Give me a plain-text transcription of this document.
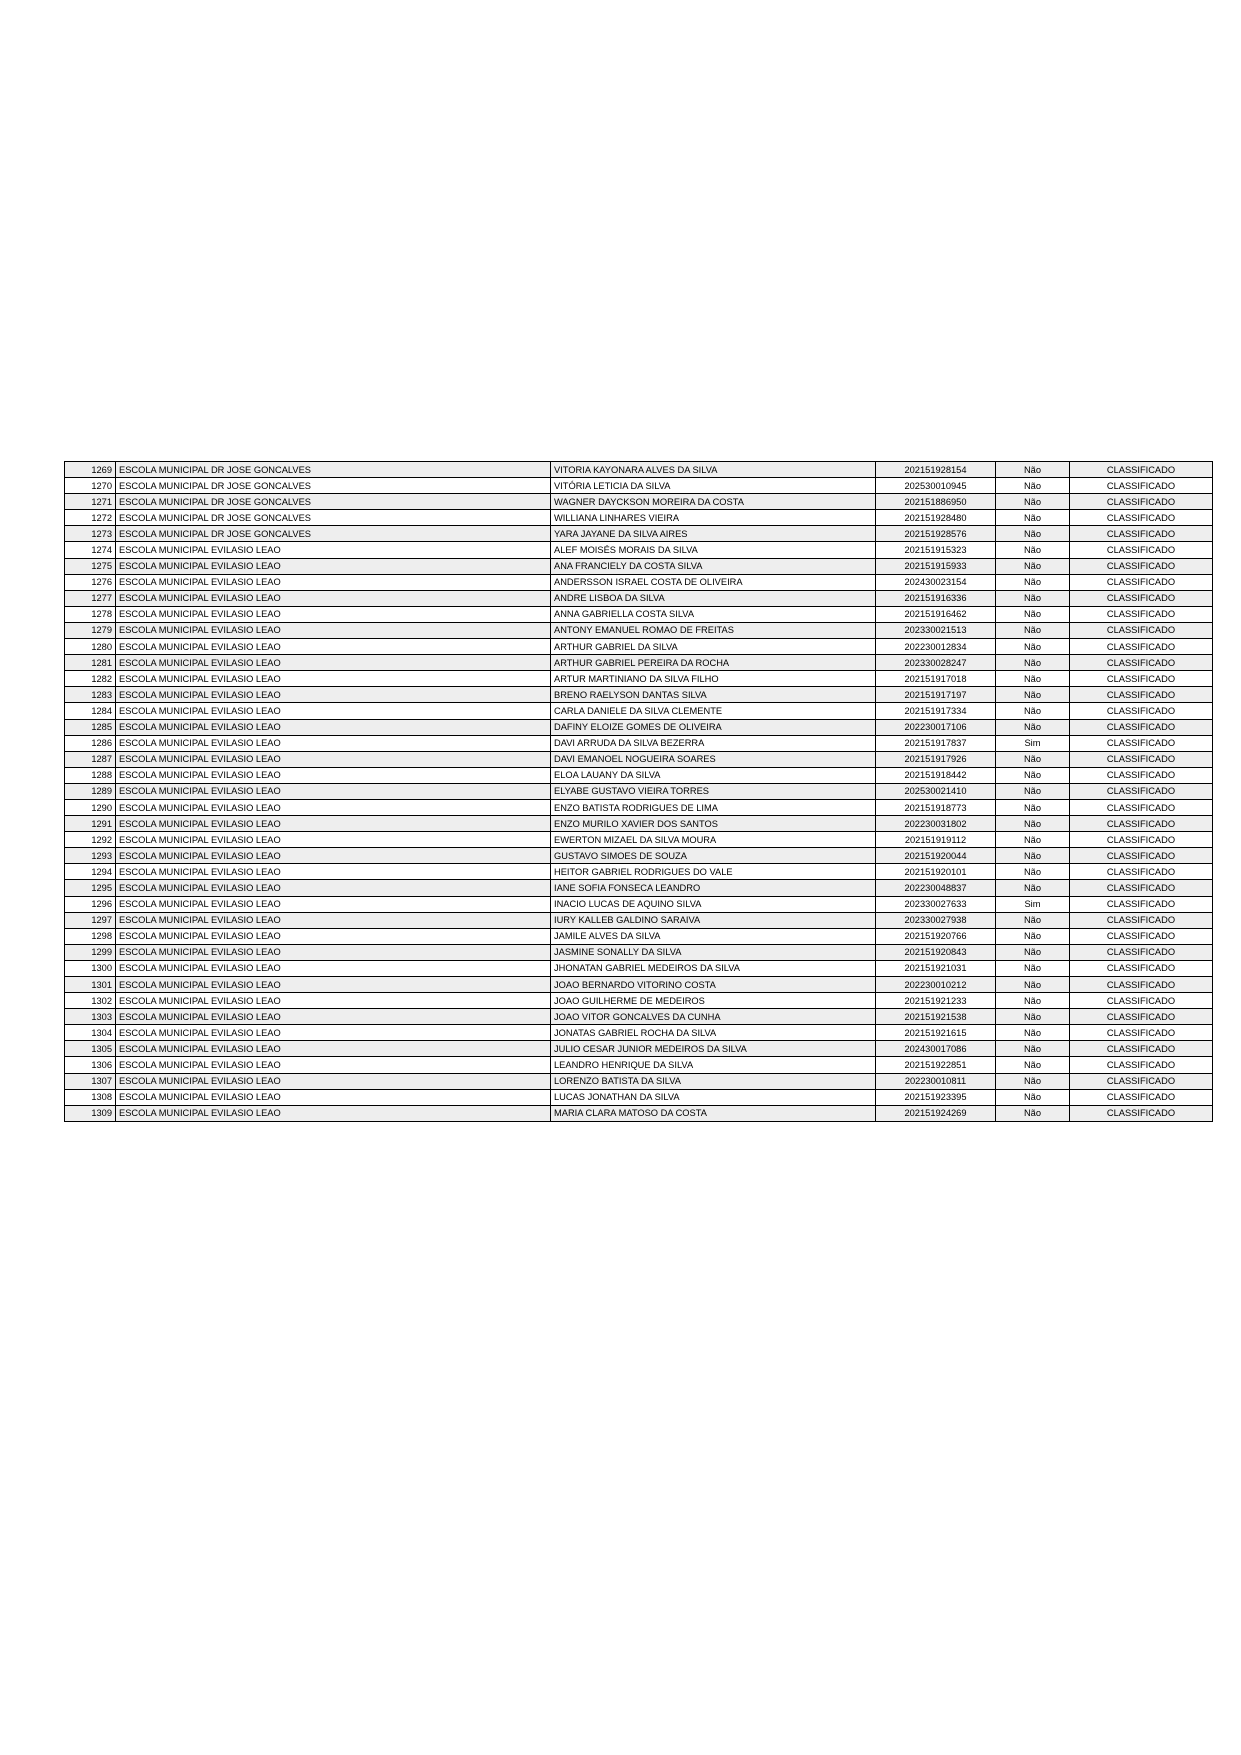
1269	ESCOLA MUNICIPAL DR JOSE GONCALVES	VITORIA KAYONARA ALVES DA SILVA	202151928154	Não	CLASSIFICADO
1270	ESCOLA MUNICIPAL DR JOSE GONCALVES	VITÓRIA LETICIA DA SILVA	202530010945	Não	CLASSIFICADO
1271	ESCOLA MUNICIPAL DR JOSE GONCALVES	WAGNER DAYCKSON MOREIRA DA COSTA	202151886950	Não	CLASSIFICADO
1272	ESCOLA MUNICIPAL DR JOSE GONCALVES	WILLIANA LINHARES VIEIRA	202151928480	Não	CLASSIFICADO
1273	ESCOLA MUNICIPAL DR JOSE GONCALVES	YARA JAYANE DA SILVA AIRES	202151928576	Não	CLASSIFICADO
1274	ESCOLA MUNICIPAL EVILASIO LEAO	ALEF MOISÉS MORAIS DA SILVA	202151915323	Não	CLASSIFICADO
1275	ESCOLA MUNICIPAL EVILASIO LEAO	ANA FRANCIELY DA COSTA SILVA	202151915933	Não	CLASSIFICADO
1276	ESCOLA MUNICIPAL EVILASIO LEAO	ANDERSSON ISRAEL COSTA DE OLIVEIRA	202430023154	Não	CLASSIFICADO
1277	ESCOLA MUNICIPAL EVILASIO LEAO	ANDRE LISBOA DA SILVA	202151916336	Não	CLASSIFICADO
1278	ESCOLA MUNICIPAL EVILASIO LEAO	ANNA GABRIELLA COSTA SILVA	202151916462	Não	CLASSIFICADO
1279	ESCOLA MUNICIPAL EVILASIO LEAO	ANTONY EMANUEL ROMAO DE FREITAS	202330021513	Não	CLASSIFICADO
1280	ESCOLA MUNICIPAL EVILASIO LEAO	ARTHUR GABRIEL DA SILVA	202230012834	Não	CLASSIFICADO
1281	ESCOLA MUNICIPAL EVILASIO LEAO	ARTHUR GABRIEL PEREIRA DA ROCHA	202330028247	Não	CLASSIFICADO
1282	ESCOLA MUNICIPAL EVILASIO LEAO	ARTUR MARTINIANO DA SILVA FILHO	202151917018	Não	CLASSIFICADO
1283	ESCOLA MUNICIPAL EVILASIO LEAO	BRENO RAELYSON DANTAS SILVA	202151917197	Não	CLASSIFICADO
1284	ESCOLA MUNICIPAL EVILASIO LEAO	CARLA DANIELE DA SILVA CLEMENTE	202151917334	Não	CLASSIFICADO
1285	ESCOLA MUNICIPAL EVILASIO LEAO	DAFINY ELOIZE GOMES DE OLIVEIRA	202230017106	Não	CLASSIFICADO
1286	ESCOLA MUNICIPAL EVILASIO LEAO	DAVI ARRUDA DA SILVA BEZERRA	202151917837	Sim	CLASSIFICADO
1287	ESCOLA MUNICIPAL EVILASIO LEAO	DAVI EMANOEL NOGUEIRA SOARES	202151917926	Não	CLASSIFICADO
1288	ESCOLA MUNICIPAL EVILASIO LEAO	ELOA LAUANY DA SILVA	202151918442	Não	CLASSIFICADO
1289	ESCOLA MUNICIPAL EVILASIO LEAO	ELYABE GUSTAVO VIEIRA TORRES	202530021410	Não	CLASSIFICADO
1290	ESCOLA MUNICIPAL EVILASIO LEAO	ENZO BATISTA RODRIGUES DE LIMA	202151918773	Não	CLASSIFICADO
1291	ESCOLA MUNICIPAL EVILASIO LEAO	ENZO MURILO XAVIER DOS SANTOS	202230031802	Não	CLASSIFICADO
1292	ESCOLA MUNICIPAL EVILASIO LEAO	EWERTON MIZAEL DA SILVA MOURA	202151919112	Não	CLASSIFICADO
1293	ESCOLA MUNICIPAL EVILASIO LEAO	GUSTAVO SIMOES DE SOUZA	202151920044	Não	CLASSIFICADO
1294	ESCOLA MUNICIPAL EVILASIO LEAO	HEITOR GABRIEL RODRIGUES DO VALE	202151920101	Não	CLASSIFICADO
1295	ESCOLA MUNICIPAL EVILASIO LEAO	IANE SOFIA FONSECA LEANDRO	202230048837	Não	CLASSIFICADO
1296	ESCOLA MUNICIPAL EVILASIO LEAO	INACIO LUCAS DE AQUINO SILVA	202330027633	Sim	CLASSIFICADO
1297	ESCOLA MUNICIPAL EVILASIO LEAO	IURY KALLEB GALDINO SARAIVA	202330027938	Não	CLASSIFICADO
1298	ESCOLA MUNICIPAL EVILASIO LEAO	JAMILE ALVES DA SILVA	202151920766	Não	CLASSIFICADO
1299	ESCOLA MUNICIPAL EVILASIO LEAO	JASMINE SONALLY DA SILVA	202151920843	Não	CLASSIFICADO
1300	ESCOLA MUNICIPAL EVILASIO LEAO	JHONATAN GABRIEL MEDEIROS DA SILVA	202151921031	Não	CLASSIFICADO
1301	ESCOLA MUNICIPAL EVILASIO LEAO	JOAO BERNARDO VITORINO COSTA	202230010212	Não	CLASSIFICADO
1302	ESCOLA MUNICIPAL EVILASIO LEAO	JOAO GUILHERME DE MEDEIROS	202151921233	Não	CLASSIFICADO
1303	ESCOLA MUNICIPAL EVILASIO LEAO	JOAO VITOR GONCALVES DA CUNHA	202151921538	Não	CLASSIFICADO
1304	ESCOLA MUNICIPAL EVILASIO LEAO	JONATAS GABRIEL ROCHA DA SILVA	202151921615	Não	CLASSIFICADO
1305	ESCOLA MUNICIPAL EVILASIO LEAO	JULIO CESAR JUNIOR MEDEIROS DA SILVA	202430017086	Não	CLASSIFICADO
1306	ESCOLA MUNICIPAL EVILASIO LEAO	LEANDRO HENRIQUE DA SILVA	202151922851	Não	CLASSIFICADO
1307	ESCOLA MUNICIPAL EVILASIO LEAO	LORENZO BATISTA DA SILVA	202230010811	Não	CLASSIFICADO
1308	ESCOLA MUNICIPAL EVILASIO LEAO	LUCAS JONATHAN DA SILVA	202151923395	Não	CLASSIFICADO
1309	ESCOLA MUNICIPAL EVILASIO LEAO	MARIA CLARA MATOSO DA COSTA	202151924269	Não	CLASSIFICADO
